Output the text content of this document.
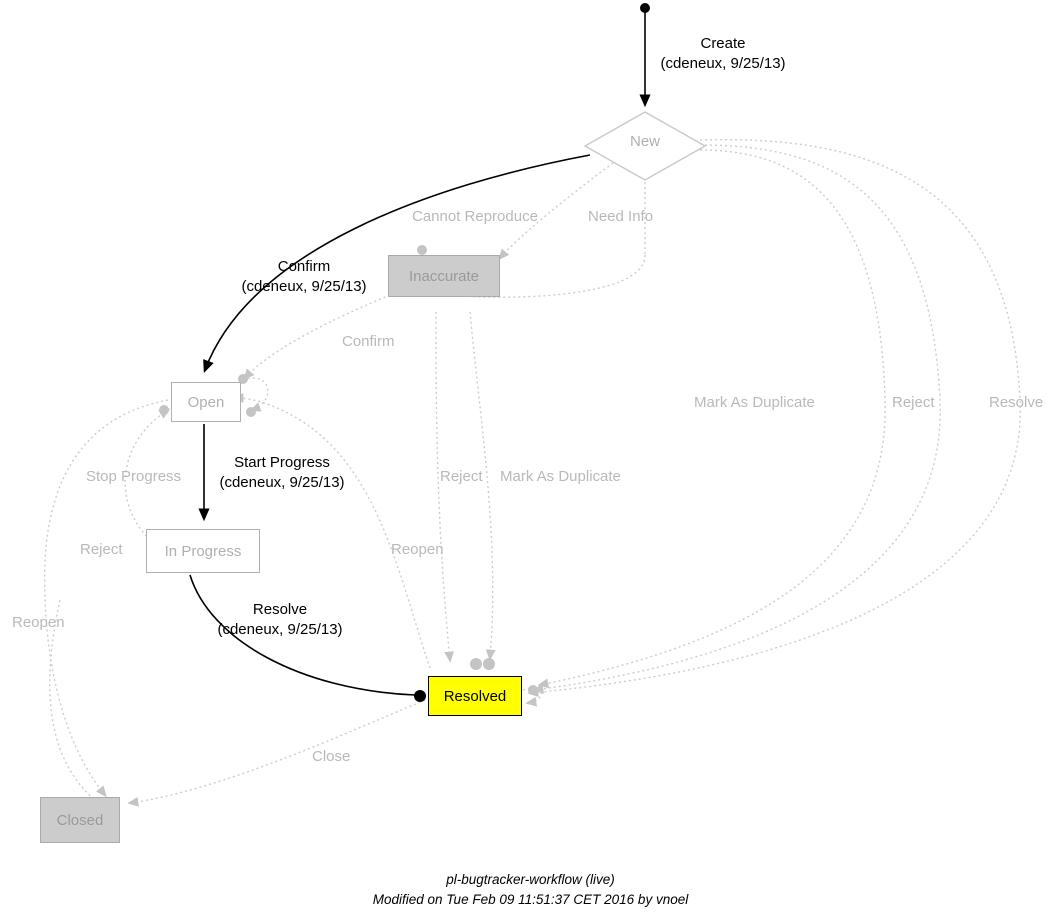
New
Inaccurate
Open
In Progress
Resolved
Closed
Create
(cdeneux, 9/25/13)
Confirm
(cdeneux, 9/25/13)
Start Progress
(cdeneux, 9/25/13)
Resolve
(cdeneux, 9/25/13)
Cannot Reproduce	Need Info
Confirm
Mark As Duplicate	Reject	Resolve
Stop Progress
Reject
Reject Mark As Duplicate
Reopen
Reopen
Close
pl-bugtracker-workflow (live)
Modified on Tue Feb 09 11:51:37 CET 2016 by vnoel
